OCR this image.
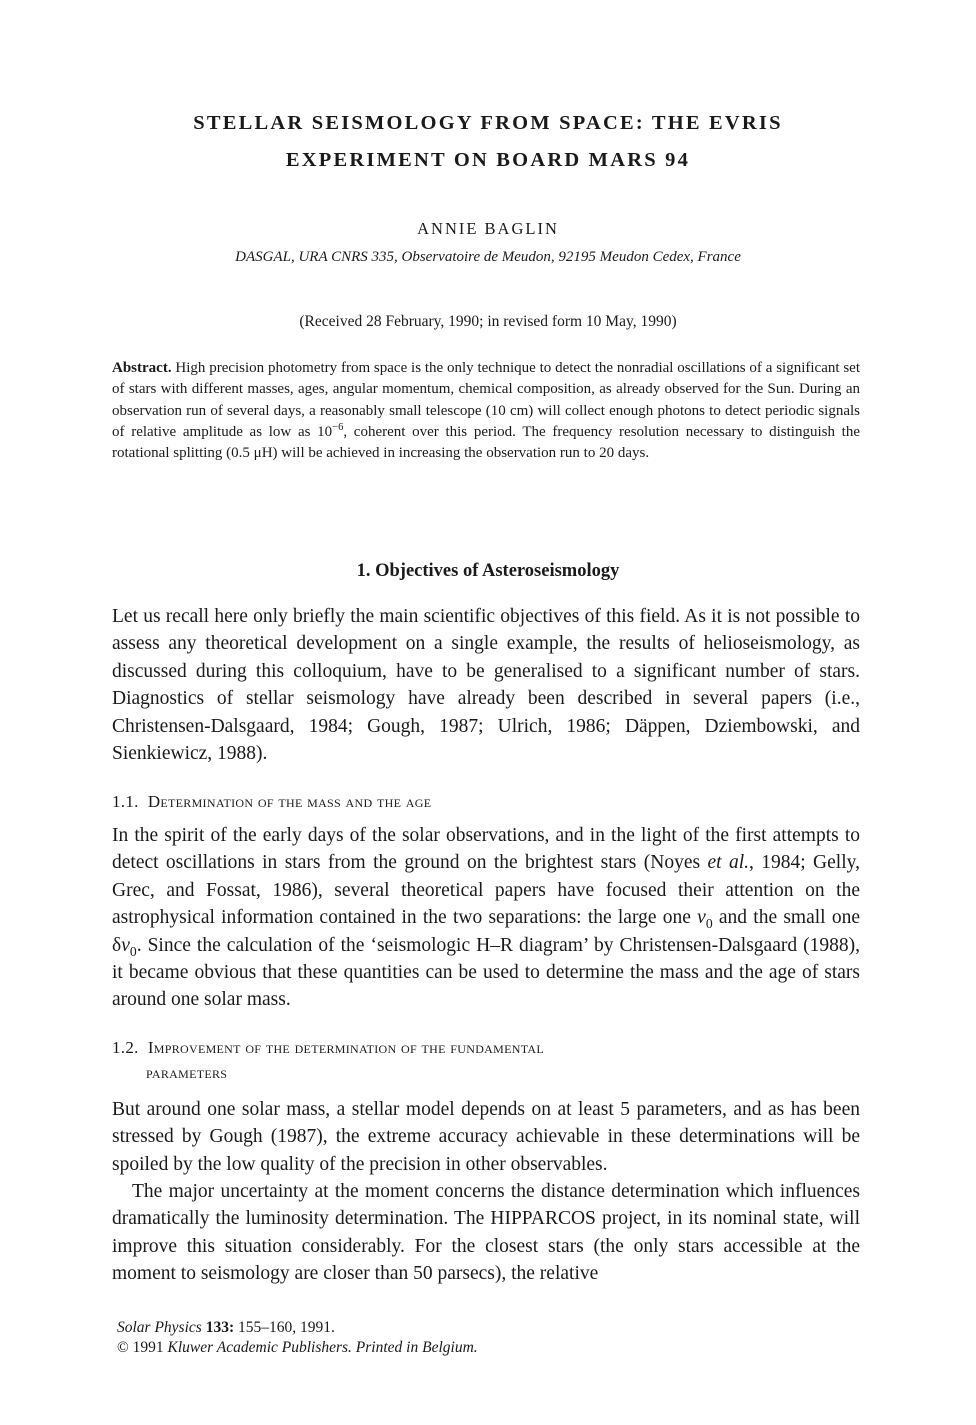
STELLAR SEISMOLOGY FROM SPACE: THE EVRIS
EXPERIMENT ON BOARD MARS 94
ANNIE BAGLIN
DASGAL, URA CNRS 335, Observatoire de Meudon, 92195 Meudon Cedex, France
(Received 28 February, 1990; in revised form 10 May, 1990)
Abstract. High precision photometry from space is the only technique to detect the nonradial oscillations of a significant set of stars with different masses, ages, angular momentum, chemical composition, as already observed for the Sun. During an observation run of several days, a reasonably small telescope (10 cm) will collect enough photons to detect periodic signals of relative amplitude as low as $10^{-6}$, coherent over this period. The frequency resolution necessary to distinguish the rotational splitting (0.5 μH) will be achieved in increasing the observation run to 20 days.
1. Objectives of Asteroseismology
Let us recall here only briefly the main scientific objectives of this field. As it is not possible to assess any theoretical development on a single example, the results of helioseismology, as discussed during this colloquium, have to be generalised to a significant number of stars. Diagnostics of stellar seismology have already been described in several papers (i.e., Christensen-Dalsgaard, 1984; Gough, 1987; Ulrich, 1986; Däppen, Dziembowski, and Sienkiewicz, 1988).
1.1. Determination of the mass and the age
In the spirit of the early days of the solar observations, and in the light of the first attempts to detect oscillations in stars from the ground on the brightest stars (Noyes et al., 1984; Gelly, Grec, and Fossat, 1986), several theoretical papers have focused their attention on the astrophysical information contained in the two separations: the large one $\nu_0$ and the small one $\delta\nu_0$. Since the calculation of the ‘seismologic H–R diagram’ by Christensen-Dalsgaard (1988), it became obvious that these quantities can be used to determine the mass and the age of stars around one solar mass.
1.2. Improvement of the determination of the fundamental
parameters
But around one solar mass, a stellar model depends on at least 5 parameters, and as has been stressed by Gough (1987), the extreme accuracy achievable in these determinations will be spoiled by the low quality of the precision in other observables.
The major uncertainty at the moment concerns the distance determination which influences dramatically the luminosity determination. The HIPPARCOS project, in its nominal state, will improve this situation considerably. For the closest stars (the only stars accessible at the moment to seismology are closer than 50 parsecs), the relative
Solar Physics 133: 155–160, 1991.
© 1991 Kluwer Academic Publishers. Printed in Belgium.
